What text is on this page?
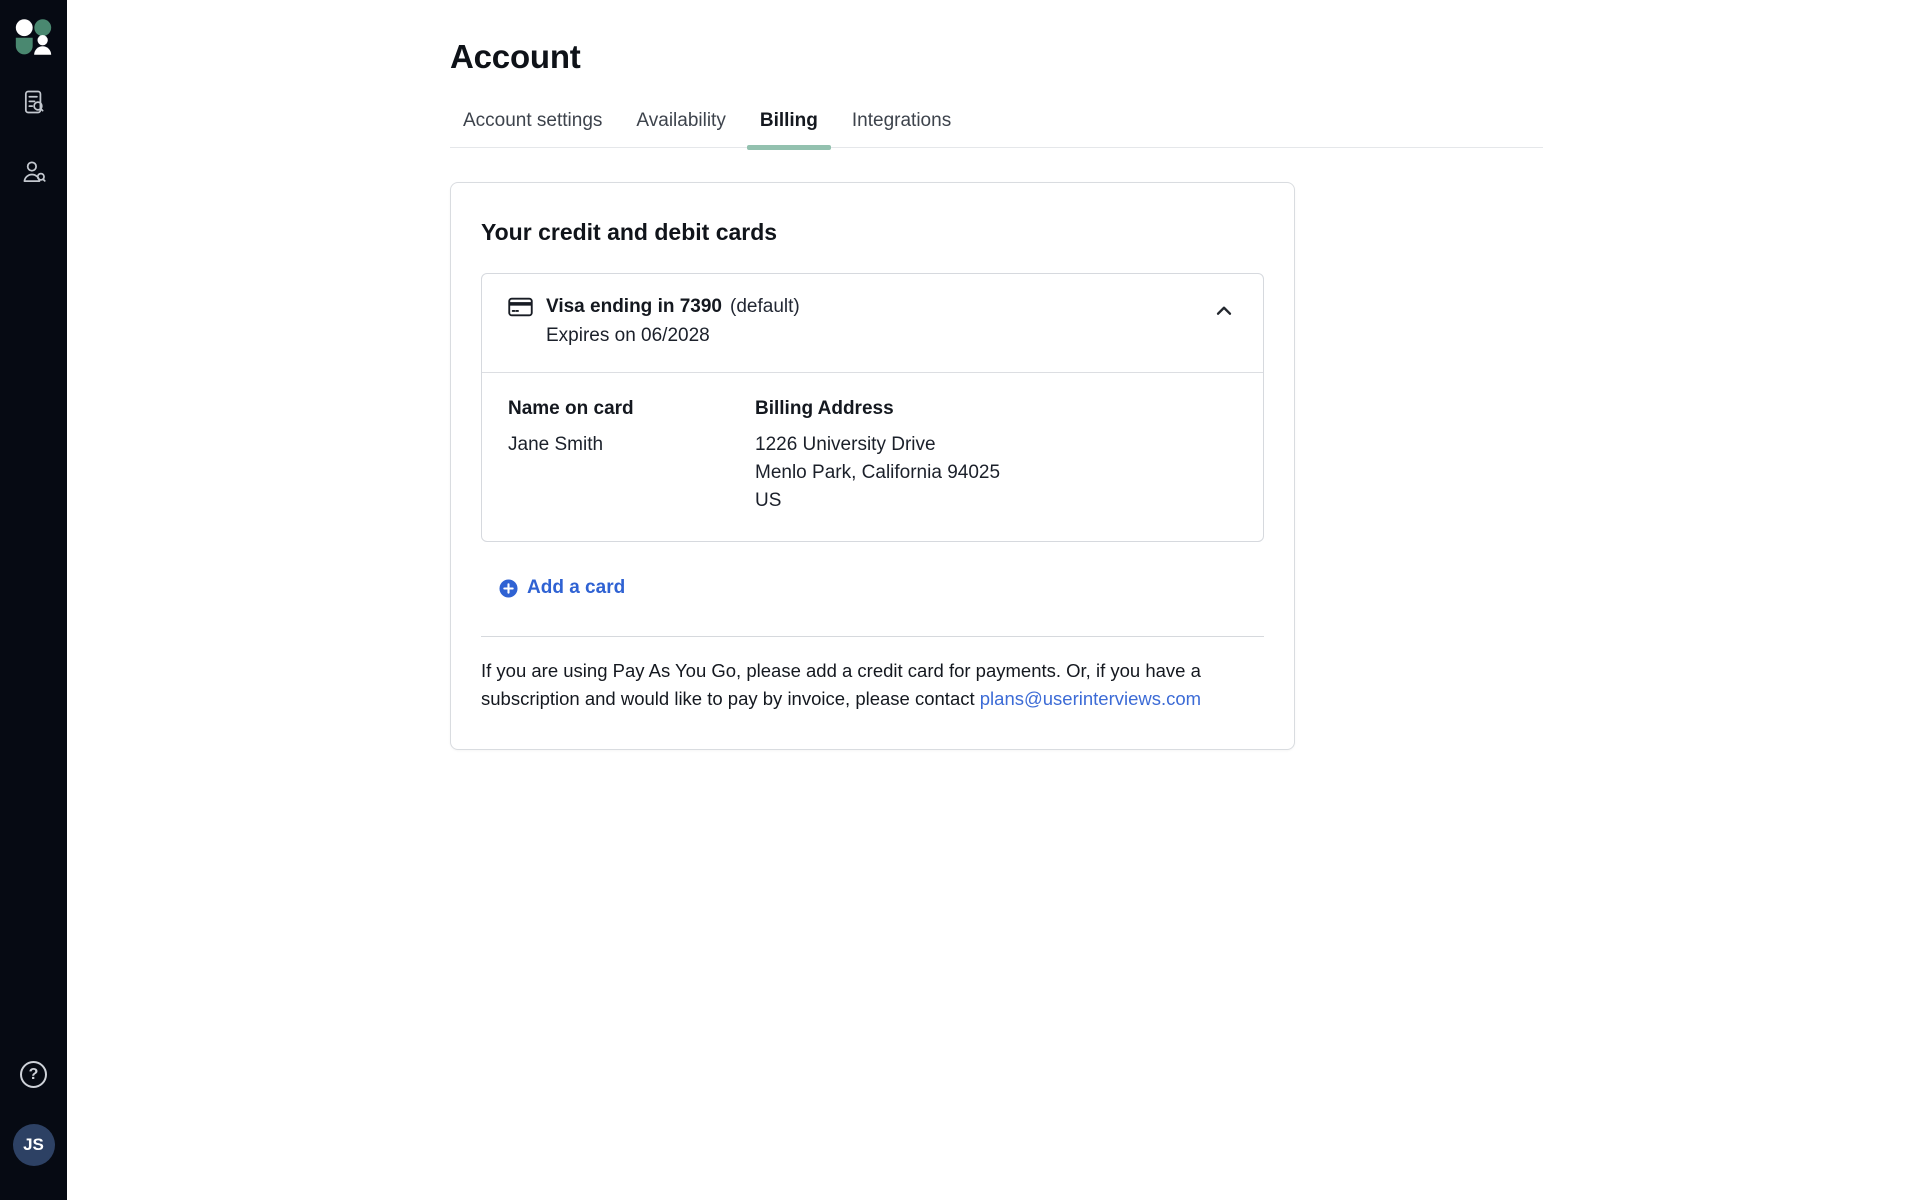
?
JS
Account
Account settings	Availability	Billing	Integrations
Your credit and debit cards
Visa ending in 7390 (default)
Expires on 06/2028
Name on card
Jane Smith
Billing Address
1226 University Drive
Menlo Park, California 94025
US
Add a card

If you are using Pay As You Go, please add a credit card for payments. Or, if you have a subscription and would like to pay by invoice, please contact plans@userinterviews.com
